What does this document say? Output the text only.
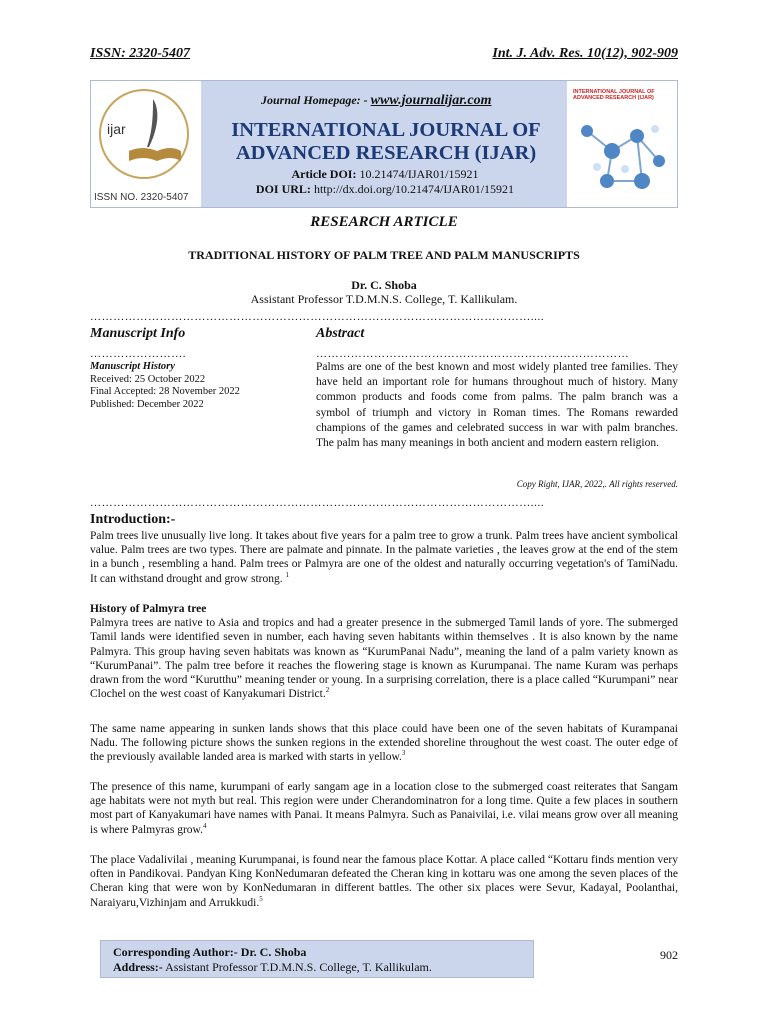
ISSN: 2320-5407	Int. J. Adv. Res. 10(12), 902-909
ijar
ISSN NO. 2320-5407
Journal Homepage: - www.journalijar.com
INTERNATIONAL JOURNAL OF ADVANCED RESEARCH (IJAR)
Article DOI: 10.21474/IJAR01/15921
DOI URL: http://dx.doi.org/10.21474/IJAR01/15921
INTERNATIONAL JOURNAL OF ADVANCED RESEARCH (IJAR)
RESEARCH ARTICLE
TRADITIONAL HISTORY OF PALM TREE AND PALM MANUSCRIPTS
Dr. C. Shoba
Assistant Professor T.D.M.N.S. College, T. Kallikulam.
……………………………………………………………………………………………………....
Manuscript Info	Abstract
…………………….	………………………………………………………………………
Manuscript History
Received: 25 October 2022
Final Accepted: 28 November 2022
Published: December 2022
Palms are one of the best known and most widely planted tree families. They have held an important role for humans throughout much of history. Many common products and foods come from palms. The palm branch was a symbol of triumph and victory in Roman times. The Romans rewarded champions of the games and celebrated success in war with palm branches. The palm has many meanings in both ancient and modern eastern religion.
Copy Right, IJAR, 2022,. All rights reserved.
……………………………………………………………………………………………………....
Introduction:-
Palm trees live unusually live long. It takes about five years for a palm tree to grow a trunk. Palm trees have ancient symbolical value. Palm trees are two types. There are palmate and pinnate. In the palmate varieties , the leaves grow at the end of the stem in a bunch , resembling a hand. Palm trees or Palmyra are one of the oldest and naturally occurring vegetation's of TamiNadu. It can withstand drought and grow strong. $^1$
History of Palmyra tree
Palmyra trees are native to Asia and tropics and had a greater presence in the submerged Tamil lands of yore. The submerged Tamil lands were identified seven in number, each having seven habitants within themselves . It is also known by the name Palmyra. This group having seven habitats was known as “KurumPanai Nadu”, meaning the land of a palm variety known as “KurumPanai”. The palm tree before it reaches the flowering stage is known as Kurumpanai. The name Kuram was perhaps drawn from the word “Kurutthu” meaning tender or young. In a surprising correlation, there is a place called “Kurumpani” near Clochel on the west coast of Kanyakumari District.$^2$
The same name appearing in sunken lands shows that this place could have been one of the seven habitats of Kurampanai Nadu. The following picture shows the sunken regions in the extended shoreline throughout the west coast. The outer edge of the previously available landed area is marked with starts in yellow.$^3$
The presence of this name, kurumpani of early sangam age in a location close to the submerged coast reiterates that Sangam age habitats were not myth but real. This region were under Cherandominatron for a long time. Quite a few places in southern most part of Kanyakumari have names with Panai. It means Palmyra. Such as Panaivilai, i.e. vilai means grow over all meaning is where Palmyras grow.$^4$
The place Vadalivilai , meaning Kurumpanai, is found near the famous place Kottar. A place called “Kottaru finds mention very often in Pandikovai. Pandyan King KonNedumaran defeated the Cheran king in kottaru was one among the seven places of the Cheran king that were won by KonNedumaran in different battles. The other six places were Sevur, Kadayal, Poolanthai, Naraiyaru,Vizhinjam and Arrukkudi.$^5$
Corresponding Author:- Dr. C. Shoba
Address:- Assistant Professor T.D.M.N.S. College, T. Kallikulam.
902
